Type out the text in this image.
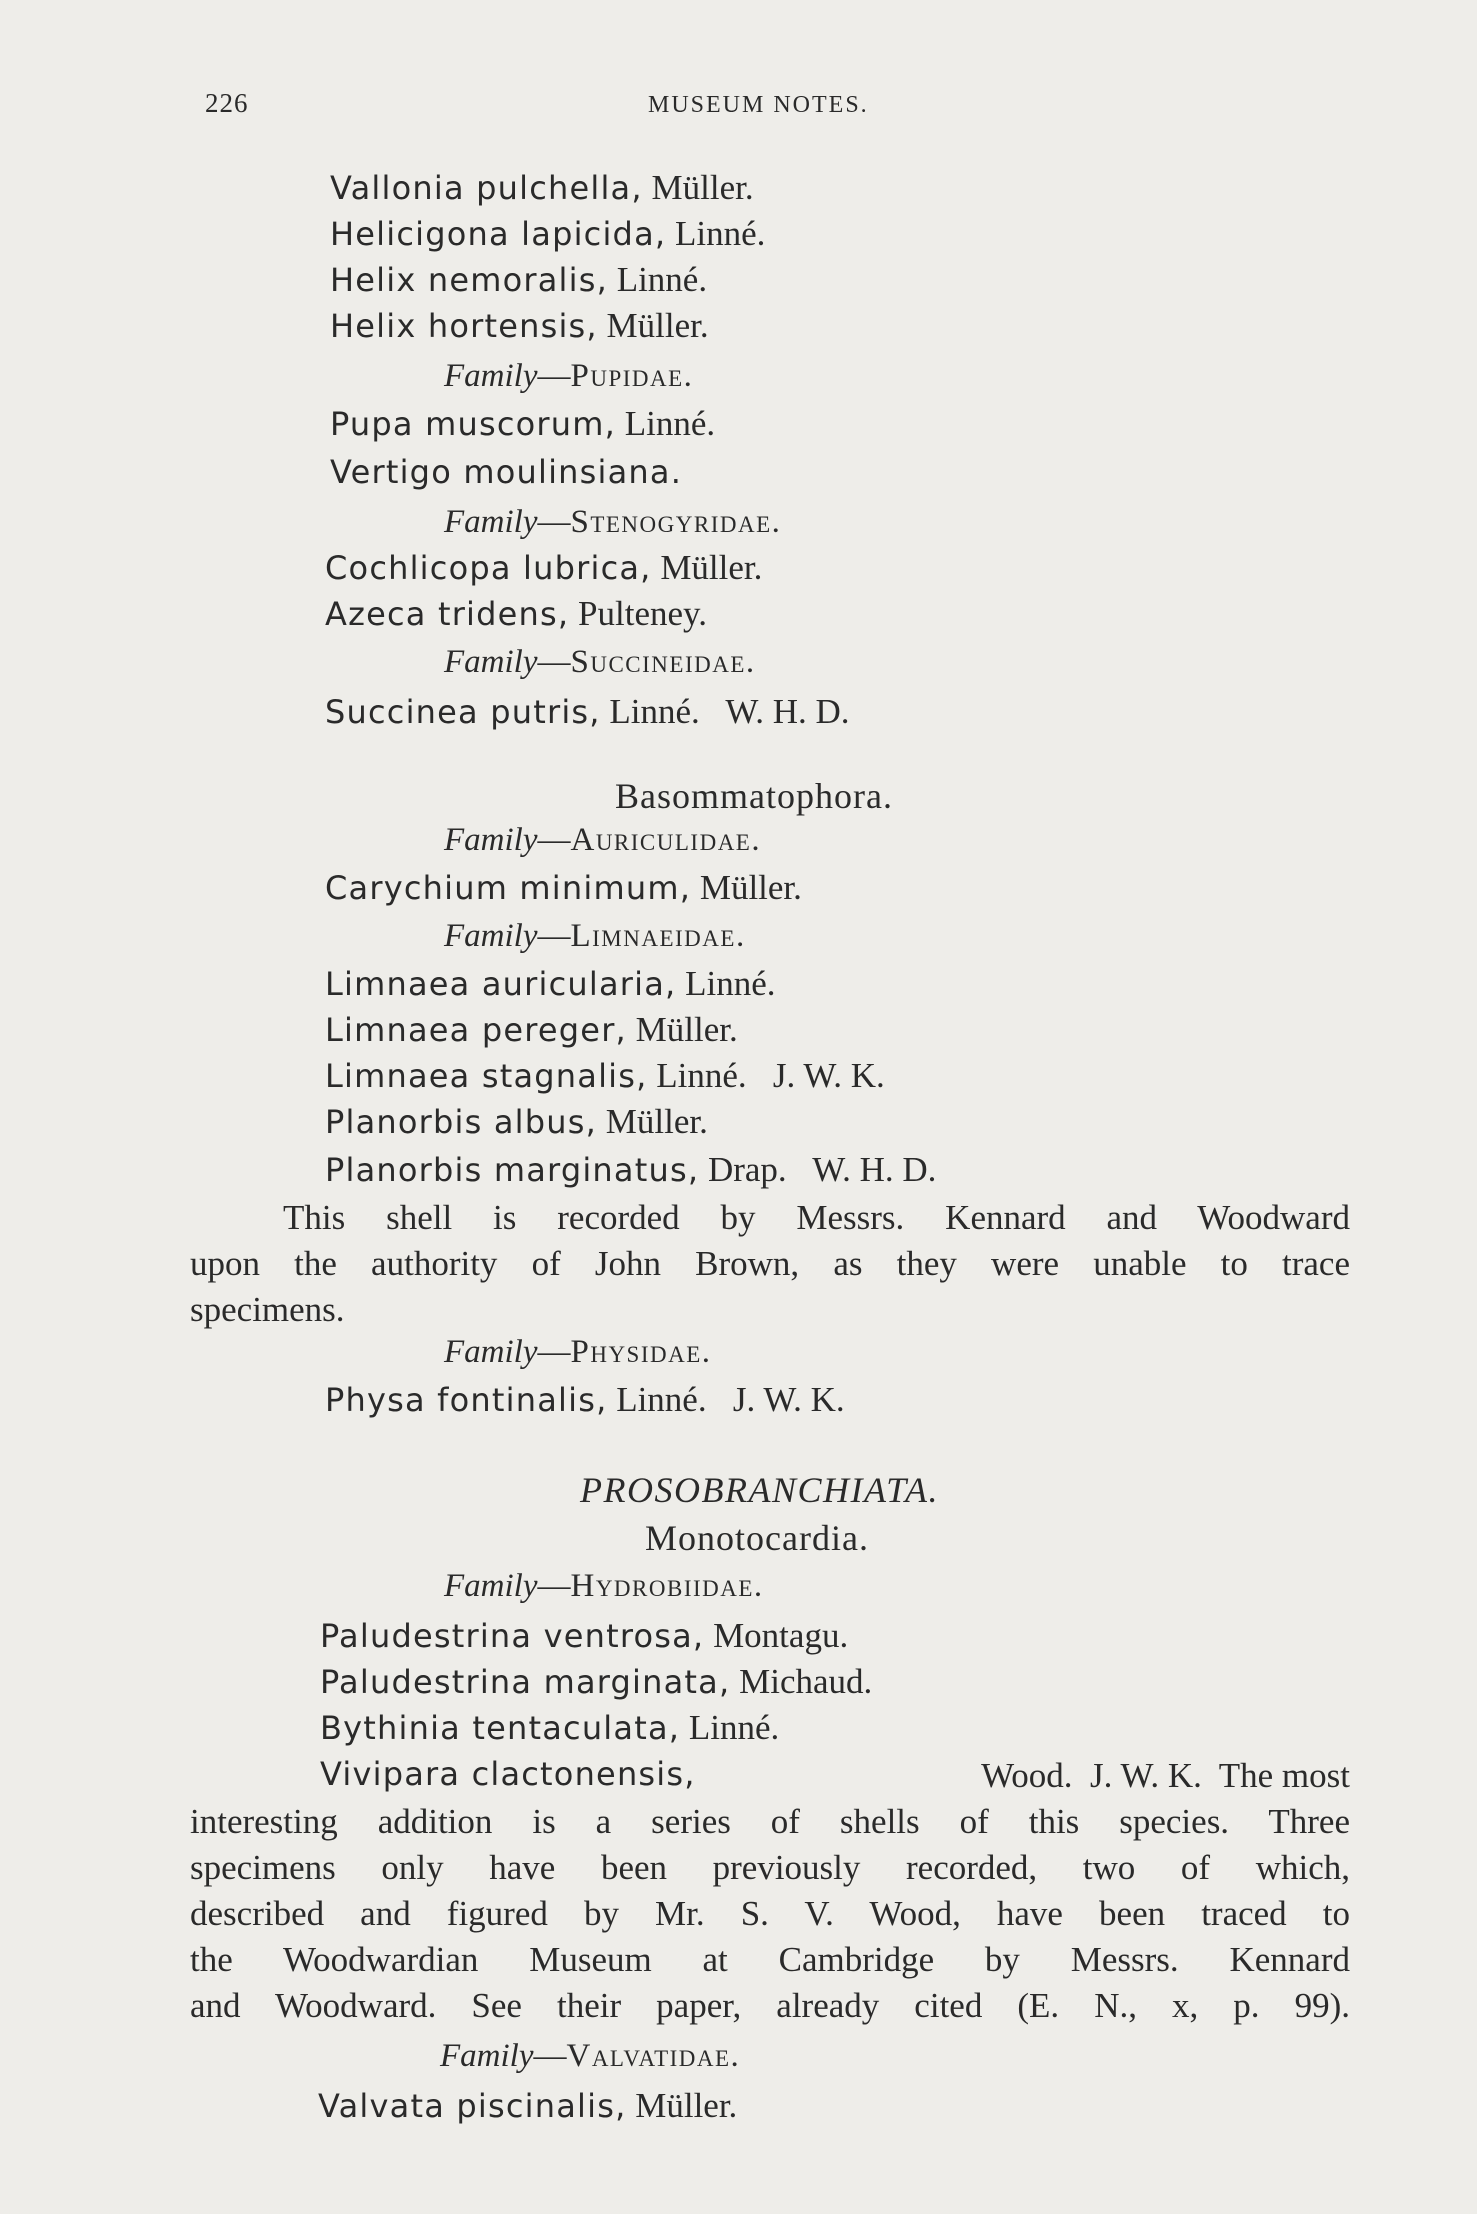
226	MUSEUM NOTES.
Vallonia pulchella, Müller.
Helicigona lapicida, Linné.
Helix nemoralis, Linné.
Helix hortensis, Müller.
Family—Pupidae.
Pupa muscorum, Linné.
Vertigo moulinsiana.
Family—Stenogyridae.
Cochlicopa lubrica, Müller.
Azeca tridens, Pulteney.
Family—Succineidae.
Succinea putris, Linné.   W. H. D.
Basommatophora.
Family—Auriculidae.
Carychium minimum, Müller.
Family—Limnaeidae.
Limnaea auricularia, Linné.
Limnaea pereger, Müller.
Limnaea stagnalis, Linné.   J. W. K.
Planorbis albus, Müller.
Planorbis marginatus, Drap.   W. H. D.
This shell is recorded by Messrs. Kennard and Woodward
upon the authority of John Brown, as they were unable to trace
specimens.
Family—Physidae.
Physa fontinalis, Linné.   J. W. K.
PROSOBRANCHIATA.
Monotocardia.
Family—Hydrobiidae.
Paludestrina ventrosa, Montagu.
Paludestrina marginata, Michaud.
Bythinia tentaculata, Linné.
Vivipara clactonensis,	Wood.  J. W. K.  The most
interesting addition is a series of shells of this species. Three
specimens only have been previously recorded, two of which,
described and figured by Mr. S. V. Wood, have been traced to
the Woodwardian Museum at Cambridge by Messrs. Kennard
and Woodward. See their paper, already cited (E. N., x, p. 99).
Family—Valvatidae.
Valvata piscinalis, Müller.
